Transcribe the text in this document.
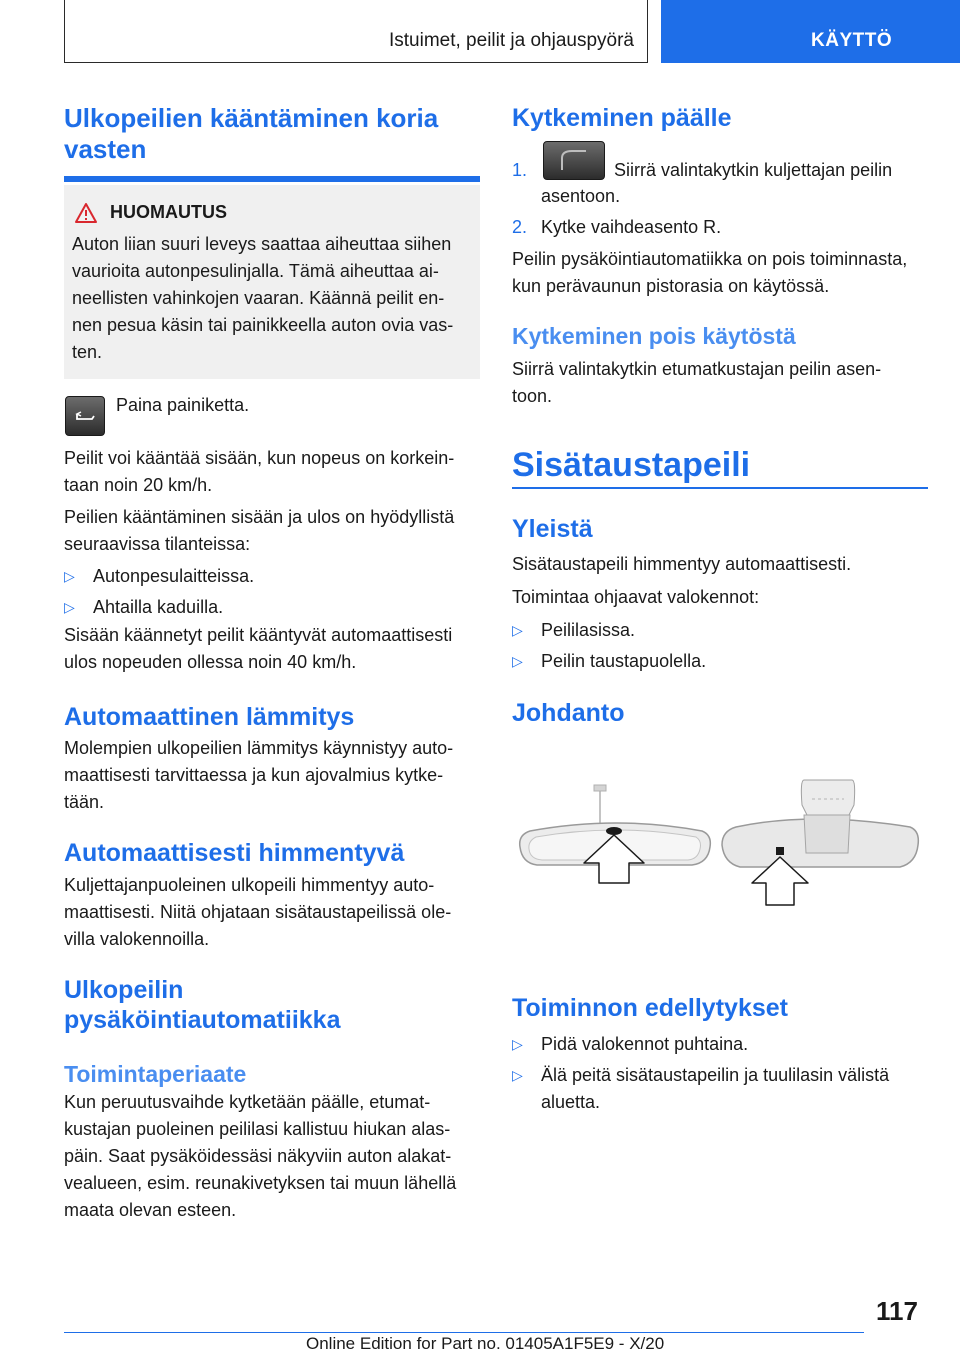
Istuimet, peilit ja ohjauspyörä	KÄYTTÖ
Ulkopeilien kääntäminen koria vasten
HUOMAUTUS
Auton liian suuri leveys saattaa aiheuttaa siihen
vaurioita autonpesulinjalla. Tämä aiheuttaa ai-
neellisten vahinkojen vaaran. Käännä peilit en-
nen pesua käsin tai painikkeella auton ovia vas-
ten.
Paina painiketta.
Peilit voi kääntää sisään, kun nopeus on korkein-
taan noin 20 km/h.
Peilien kääntäminen sisään ja ulos on hyödyllistä
seuraavissa tilanteissa:
▷ Autonpesulaitteissa.
▷ Ahtailla kaduilla.
Sisään käännetyt peilit kääntyvät automaattisesti
ulos nopeuden ollessa noin 40 km/h.
Automaattinen lämmitys
Molempien ulkopeilien lämmitys käynnistyy auto-
maattisesti tarvittaessa ja kun ajovalmius kytke-
tään.
Automaattisesti himmentyvä
Kuljettajanpuoleinen ulkopeili himmentyy auto-
maattisesti. Niitä ohjataan sisätaustapeilissä ole-
villa valokennoilla.
Ulkopeilin
pysäköintiautomatiikka
Toimintaperiaate
Kun peruutusvaihde kytketään päälle, etumat-
kustajan puoleinen peililasi kallistuu hiukan alas-
päin. Saat pysäköidessäsi näkyviin auton alakat-
vealueen, esim. reunakivetyksen tai muun lähellä
maata olevan esteen.
Kytkeminen päälle
1.	Siirrä valintakytkin kuljettajan peilin
asentoon.
2. Kytke vaihdeasento R.
Peilin pysäköintiautomatiikka on pois toiminnasta,
kun perävaunun pistorasia on käytössä.
Kytkeminen pois käytöstä
Siirrä valintakytkin etumatkustajan peilin asen-
toon.
Sisätaustapeili
Yleistä
Sisätaustapeili himmentyy automaattisesti.
Toimintaa ohjaavat valokennot:
▷ Peililasissa.
▷ Peilin taustapuolella.
Johdanto
Toiminnon edellytykset
▷ Pidä valokennot puhtaina.
▷ Älä peitä sisätaustapeilin ja tuulilasin välistä
aluetta.
117
Online Edition for Part no. 01405A1F5E9 - X/20
